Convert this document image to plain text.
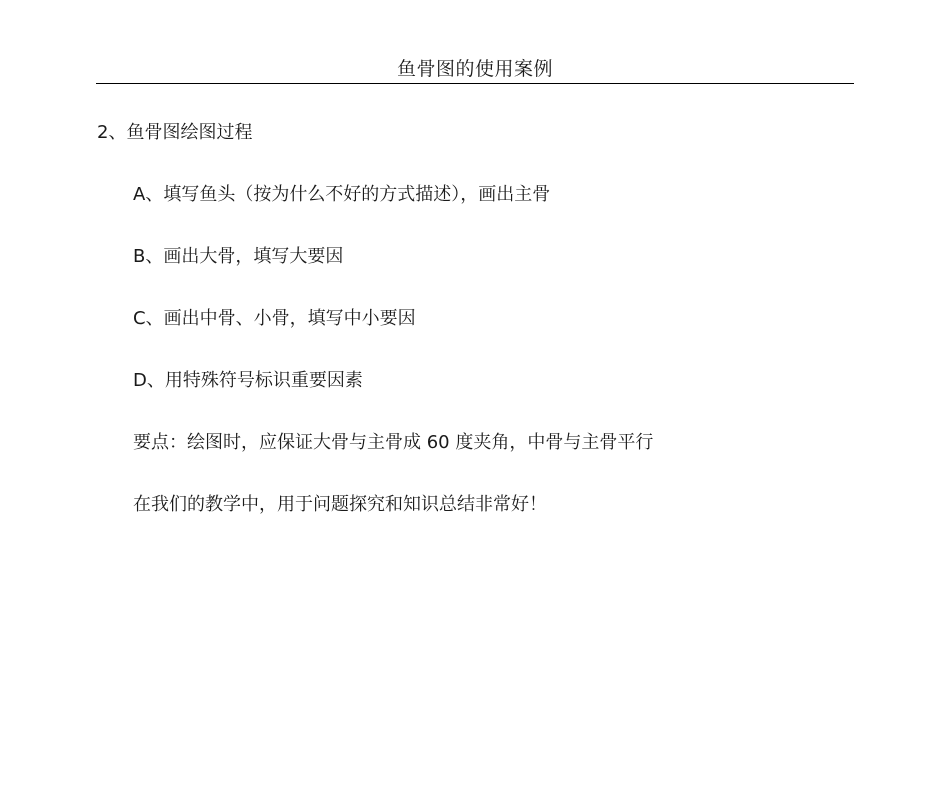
鱼骨图的使用案例
2、鱼骨图绘图过程
A、填写鱼头（按为什么不好的方式描述），画出主骨
B、画出大骨，填写大要因
C、画出中骨、小骨，填写中小要因
D、用特殊符号标识重要因素
要点：绘图时，应保证大骨与主骨成 60 度夹角，中骨与主骨平行
在我们的教学中，用于问题探究和知识总结非常好！
